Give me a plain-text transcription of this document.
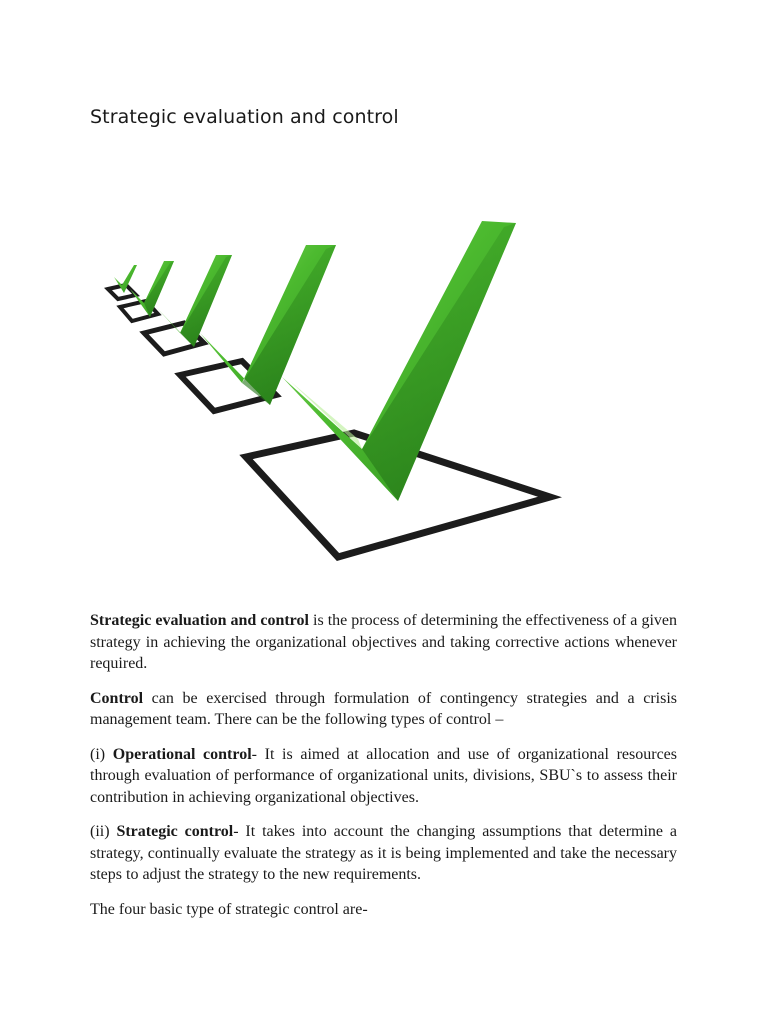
Strategic evaluation and control

Strategic evaluation and control is the process of determining the effectiveness of a given strategy in achieving the organizational objectives and taking corrective actions whenever required.

Control can be exercised through formulation of contingency strategies and a crisis management team. There can be the following types of control –

(i) Operational control- It is aimed at allocation and use of organizational resources through evaluation of performance of organizational units, divisions, SBU`s to assess their contribution in achieving organizational objectives.

(ii) Strategic control- It takes into account the changing assumptions that determine a strategy, continually evaluate the strategy as it is being implemented and take the necessary steps to adjust the strategy to the new requirements.

The four basic type of strategic control are-
